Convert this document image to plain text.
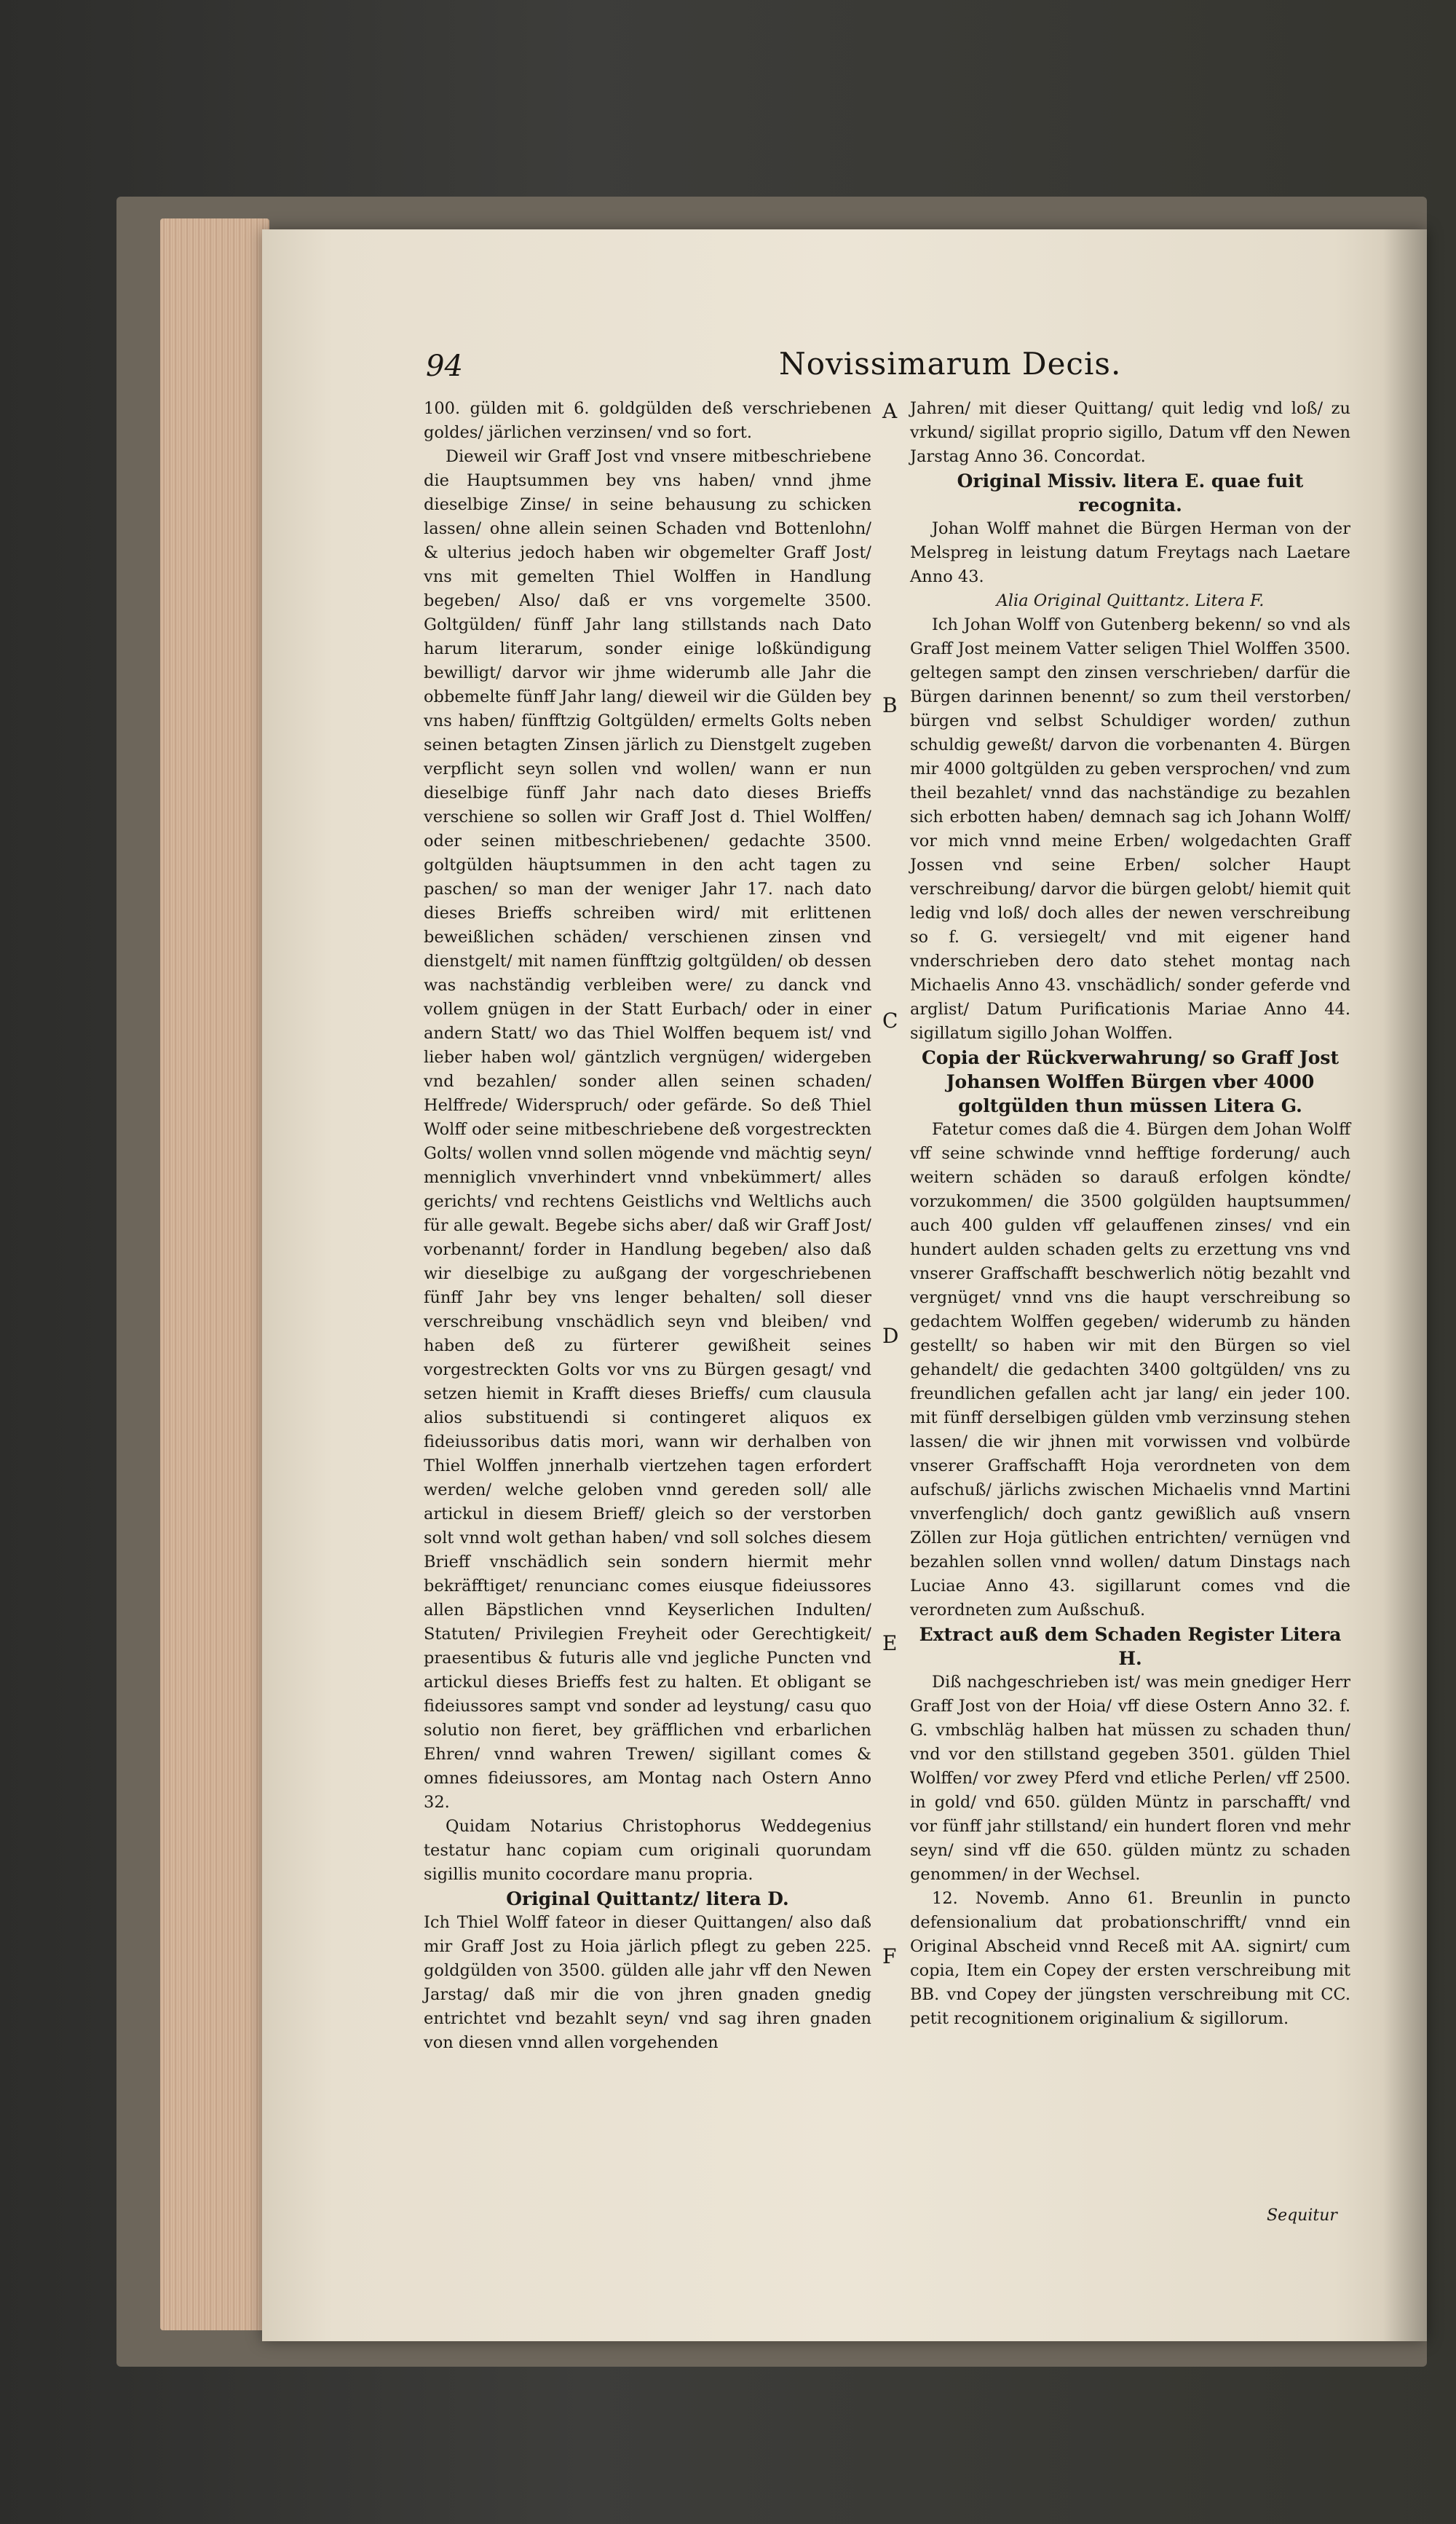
94	Novissimarum Decis.

100. gülden mit 6. goldgülden deß verschriebenen goldes/ järlichen verzinsen/ vnd so fort.

Dieweil wir Graff Jost vnd vnsere mitbeschriebene die Hauptsummen bey vns haben/ vnnd jhme dieselbige Zinse/ in seine behausung zu schicken lassen/ ohne allein seinen Schaden vnd Bottenlohn/ & ulterius jedoch haben wir obgemelter Graff Jost/ vns mit gemelten Thiel Wolffen in Handlung begeben/ Also/ daß er vns vorgemelte 3500. Goltgülden/ fünff Jahr lang stillstands nach Dato harum literarum, sonder einige loßkündigung bewilligt/ darvor wir jhme widerumb alle Jahr die obbemelte fünff Jahr lang/ dieweil wir die Gülden bey vns haben/ fünfftzig Goltgülden/ ermelts Golts neben seinen betagten Zinsen järlich zu Dienstgelt zugeben verpflicht seyn sollen vnd wollen/ wann er nun dieselbige fünff Jahr nach dato dieses Brieffs verschiene so sollen wir Graff Jost d. Thiel Wolffen/ oder seinen mitbeschriebenen/ gedachte 3500. goltgülden häuptsummen in den acht tagen zu paschen/ so man der weniger Jahr 17. nach dato dieses Brieffs schreiben wird/ mit erlittenen beweißlichen schäden/ verschienen zinsen vnd dienstgelt/ mit namen fünfftzig goltgülden/ ob dessen was nachständig verbleiben were/ zu danck vnd vollem gnügen in der Statt Eurbach/ oder in einer andern Statt/ wo das Thiel Wolffen bequem ist/ vnd lieber haben wol/ gäntzlich vergnügen/ widergeben vnd bezahlen/ sonder allen seinen schaden/ Helffrede/ Widerspruch/ oder gefärde. So deß Thiel Wolff oder seine mitbeschriebene deß vorgestreckten Golts/ wollen vnnd sollen mögende vnd mächtig seyn/ menniglich vnverhindert vnnd vnbekümmert/ alles gerichts/ vnd rechtens Geistlichs vnd Weltlichs auch für alle gewalt. Begebe sichs aber/ daß wir Graff Jost/ vorbenannt/ forder in Handlung begeben/ also daß wir dieselbige zu außgang der vorgeschriebenen fünff Jahr bey vns lenger behalten/ soll dieser verschreibung vnschädlich seyn vnd bleiben/ vnd haben deß zu fürterer gewißheit seines vorgestreckten Golts vor vns zu Bürgen gesagt/ vnd setzen hiemit in Krafft dieses Brieffs/ cum clausula alios substituendi si contingeret aliquos ex fideiussoribus datis mori, wann wir derhalben von Thiel Wolffen jnnerhalb viertzehen tagen erfordert werden/ welche geloben vnnd gereden soll/ alle artickul in diesem Brieff/ gleich so der verstorben solt vnnd wolt gethan haben/ vnd soll solches diesem Brieff vnschädlich sein sondern hiermit mehr bekräfftiget/ renuncianc comes eiusque fideiussores allen Bäpstlichen vnnd Keyserlichen Indulten/ Statuten/ Privilegien Freyheit oder Gerechtigkeit/ praesentibus & futuris alle vnd jegliche Puncten vnd artickul dieses Brieffs fest zu halten. Et obligant se fideiussores sampt vnd sonder ad leystung/ casu quo solutio non fieret, bey gräfflichen vnd erbarlichen Ehren/ vnnd wahren Trewen/ sigillant comes & omnes fideiussores, am Montag nach Ostern Anno 32.

Quidam Notarius Christophorus Weddegenius testatur hanc copiam cum originali quorundam sigillis munito cocordare manu propria.

Original Quittantz/ litera D.

Ich Thiel Wolff fateor in dieser Quittangen/ also daß mir Graff Jost zu Hoia järlich pflegt zu geben 225. goldgülden von 3500. gülden alle jahr vff den Newen Jarstag/ daß mir die von jhren gnaden gnedig entrichtet vnd bezahlt seyn/ vnd sag ihren gnaden von diesen vnnd allen vorgehenden

A
B
C
D
E
F

Jahren/ mit dieser Quittang/ quit ledig vnd loß/ zu vrkund/ sigillat proprio sigillo, Datum vff den Newen Jarstag Anno 36. Concordat.

Original Missiv. litera E. quae fuit recognita.

Johan Wolff mahnet die Bürgen Herman von der Melspreg in leistung datum Freytags nach Laetare Anno 43.

Alia Original Quittantz. Litera F.

Ich Johan Wolff von Gutenberg bekenn/ so vnd als Graff Jost meinem Vatter seligen Thiel Wolffen 3500. geltegen sampt den zinsen verschrieben/ darfür die Bürgen darinnen benennt/ so zum theil verstorben/ bürgen vnd selbst Schuldiger worden/ zuthun schuldig geweßt/ darvon die vorbenanten 4. Bürgen mir 4000 goltgülden zu geben versprochen/ vnd zum theil bezahlet/ vnnd das nachständige zu bezahlen sich erbotten haben/ demnach sag ich Johann Wolff/ vor mich vnnd meine Erben/ wolgedachten Graff Jossen vnd seine Erben/ solcher Haupt verschreibung/ darvor die bürgen gelobt/ hiemit quit ledig vnd loß/ doch alles der newen verschreibung so f. G. versiegelt/ vnd mit eigener hand vnderschrieben dero dato stehet montag nach Michaelis Anno 43. vnschädlich/ sonder geferde vnd arglist/ Datum Purificationis Mariae Anno 44. sigillatum sigillo Johan Wolffen.

Copia der Rückverwahrung/ so Graff Jost Johansen Wolffen Bürgen vber 4000 goltgülden thun müssen Litera G.

Fatetur comes daß die 4. Bürgen dem Johan Wolff vff seine schwinde vnnd hefftige forderung/ auch weitern schäden so darauß erfolgen köndte/ vorzukommen/ die 3500 golgülden hauptsummen/ auch 400 gulden vff gelauffenen zinses/ vnd ein hundert aulden schaden gelts zu erzettung vns vnd vnserer Graffschafft beschwerlich nötig bezahlt vnd vergnüget/ vnnd vns die haupt verschreibung so gedachtem Wolffen gegeben/ widerumb zu händen gestellt/ so haben wir mit den Bürgen so viel gehandelt/ die gedachten 3400 goltgülden/ vns zu freundlichen gefallen acht jar lang/ ein jeder 100. mit fünff derselbigen gülden vmb verzinsung stehen lassen/ die wir jhnen mit vorwissen vnd volbürde vnserer Graffschafft Hoja verordneten von dem aufschuß/ järlichs zwischen Michaelis vnnd Martini vnverfenglich/ doch gantz gewißlich auß vnsern Zöllen zur Hoja gütlichen entrichten/ vernügen vnd bezahlen sollen vnnd wollen/ datum Dinstags nach Luciae Anno 43. sigillarunt comes vnd die verordneten zum Außschuß.

Extract auß dem Schaden Register Litera H.

Diß nachgeschrieben ist/ was mein gnediger Herr Graff Jost von der Hoia/ vff diese Ostern Anno 32. f. G. vmbschläg halben hat müssen zu schaden thun/ vnd vor den stillstand gegeben 3501. gülden Thiel Wolffen/ vor zwey Pferd vnd etliche Perlen/ vff 2500. in gold/ vnd 650. gülden Müntz in parschafft/ vnd vor fünff jahr stillstand/ ein hundert floren vnd mehr seyn/ sind vff die 650. gülden müntz zu schaden genommen/ in der Wechsel.

12. Novemb. Anno 61. Breunlin in puncto defensionalium dat probationschrifft/ vnnd ein Original Abscheid vnnd Receß mit AA. signirt/ cum copia, Item ein Copey der ersten verschreibung mit BB. vnd Copey der jüngsten verschreibung mit CC. petit recognitionem originalium & sigillorum.

Sequitur
